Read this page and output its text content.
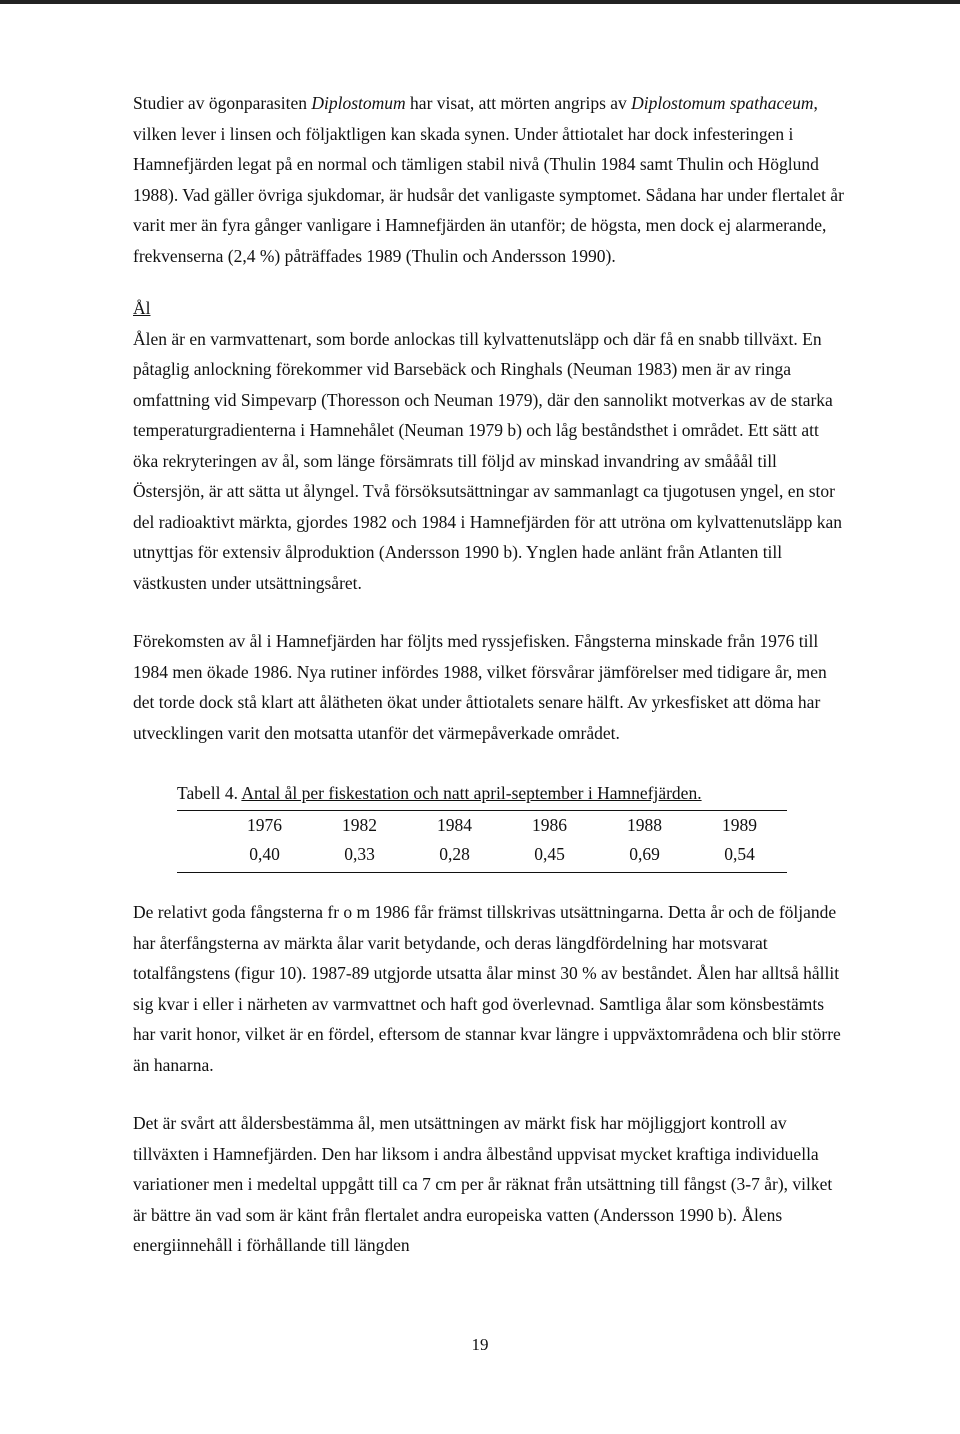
Studier av ögonparasiten Diplostomum har visat, att mörten angrips av Diplostomum spathaceum, vilken lever i linsen och följaktligen kan skada synen. Under åttiotalet har dock infesteringen i Hamnefjärden legat på en normal och tämligen stabil nivå (Thulin 1984 samt Thulin och Höglund 1988). Vad gäller övriga sjukdomar, är hudsår det vanligaste symptomet. Sådana har under flertalet år varit mer än fyra gånger vanligare i Hamnefjärden än utanför; de högsta, men dock ej alarmerande, frekvenserna (2,4 %) påträffades 1989 (Thulin och Andersson 1990).

Ål

Ålen är en varmvattenart, som borde anlockas till kylvattenutsläpp och där få en snabb tillväxt. En påtaglig anlockning förekommer vid Barsebäck och Ringhals (Neuman 1983) men är av ringa omfattning vid Simpevarp (Thoresson och Neuman 1979), där den sannolikt motverkas av de starka temperaturgradienterna i Hamnehålet (Neuman 1979 b) och låg beståndsthet i området. Ett sätt att öka rekryteringen av ål, som länge försämrats till följd av minskad invandring av smååål till Östersjön, är att sätta ut ålyngel. Två försöksutsättningar av sammanlagt ca tjugotusen yngel, en stor del radioaktivt märkta, gjordes 1982 och 1984 i Hamnefjärden för att utröna om kylvattenutsläpp kan utnyttjas för extensiv ålproduktion (Andersson 1990 b). Ynglen hade anlänt från Atlanten till västkusten under utsättningsåret.

Förekomsten av ål i Hamnefjärden har följts med ryssjefisken. Fångsterna minskade från 1976 till 1984 men ökade 1986. Nya rutiner infördes 1988, vilket försvårar jämförelser med tidigare år, men det torde dock stå klart att ålätheten ökat under åttiotalets senare hälft. Av yrkesfisket att döma har utvecklingen varit den motsatta utanför det värmepåverkade området.

Tabell 4. Antal ål per fiskestation och natt april-september i Hamnefjärden.
1976	1982	1984	1986	1988	1989
0,40	0,33	0,28	0,45	0,69	0,54

De relativt goda fångsterna fr o m 1986 får främst tillskrivas utsättningarna. Detta år och de följande har återfångsterna av märkta ålar varit betydande, och deras längdfördelning har motsvarat totalfångstens (figur 10). 1987-89 utgjorde utsatta ålar minst 30 % av beståndet. Ålen har alltså hållit sig kvar i eller i närheten av varmvattnet och haft god överlevnad. Samtliga ålar som könsbestämts har varit honor, vilket är en fördel, eftersom de stannar kvar längre i uppväxtområdena och blir större än hanarna.

Det är svårt att åldersbestämma ål, men utsättningen av märkt fisk har möjliggjort kontroll av tillväxten i Hamnefjärden. Den har liksom i andra ålbestånd uppvisat mycket kraftiga individuella variationer men i medeltal uppgått till ca 7 cm per år räknat från utsättning till fångst (3-7 år), vilket är bättre än vad som är känt från flertalet andra europeiska vatten (Andersson 1990 b). Ålens energiinnehåll i förhållande till längden

19
